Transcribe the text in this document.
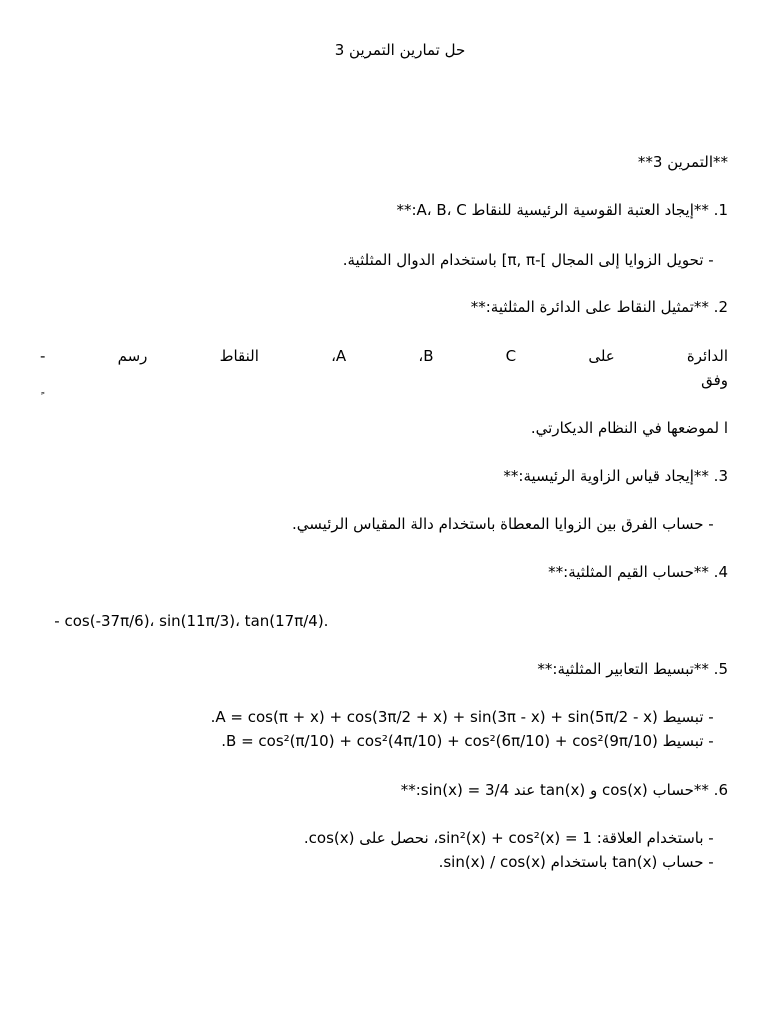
حل تمارين التمرين 3
**التمرين 3**
1. **إيجاد العتبة القوسية الرئيسية للنقاط A، B، C:**
- تحويل الزوايا إلى المجال ]-π, π] باستخدام الدوال المثلثية.
2. **تمثيل النقاط على الدائرة المثلثية:**
الدائرة
على
C
B،
A،
النقاط
رسم
-
وفق
ا لموضعها في النظام الديكارتي.
3. **إيجاد قياس الزاوية الرئيسية:**
- حساب الفرق بين الزوايا المعطاة باستخدام دالة المقياس الرئيسي.
4. **حساب القيم المثلثية:**
- cos(-37π/6)، sin(11π/3)، tan(17π/4).
5. **تبسيط التعابير المثلثية:**
- تبسيط A = cos(π + x) + cos(3π/2 + x) + sin(3π - x) + sin(5π/2 - x).
- تبسيط B = cos²(π/10) + cos²(4π/10) + cos²(6π/10) + cos²(9π/10).
6. **حساب cos(x) و tan(x) عند sin(x) = 3/4:**
- باستخدام العلاقة: sin²(x) + cos²(x) = 1، نحصل على cos(x).
- حساب tan(x) باستخدام sin(x) / cos(x).
